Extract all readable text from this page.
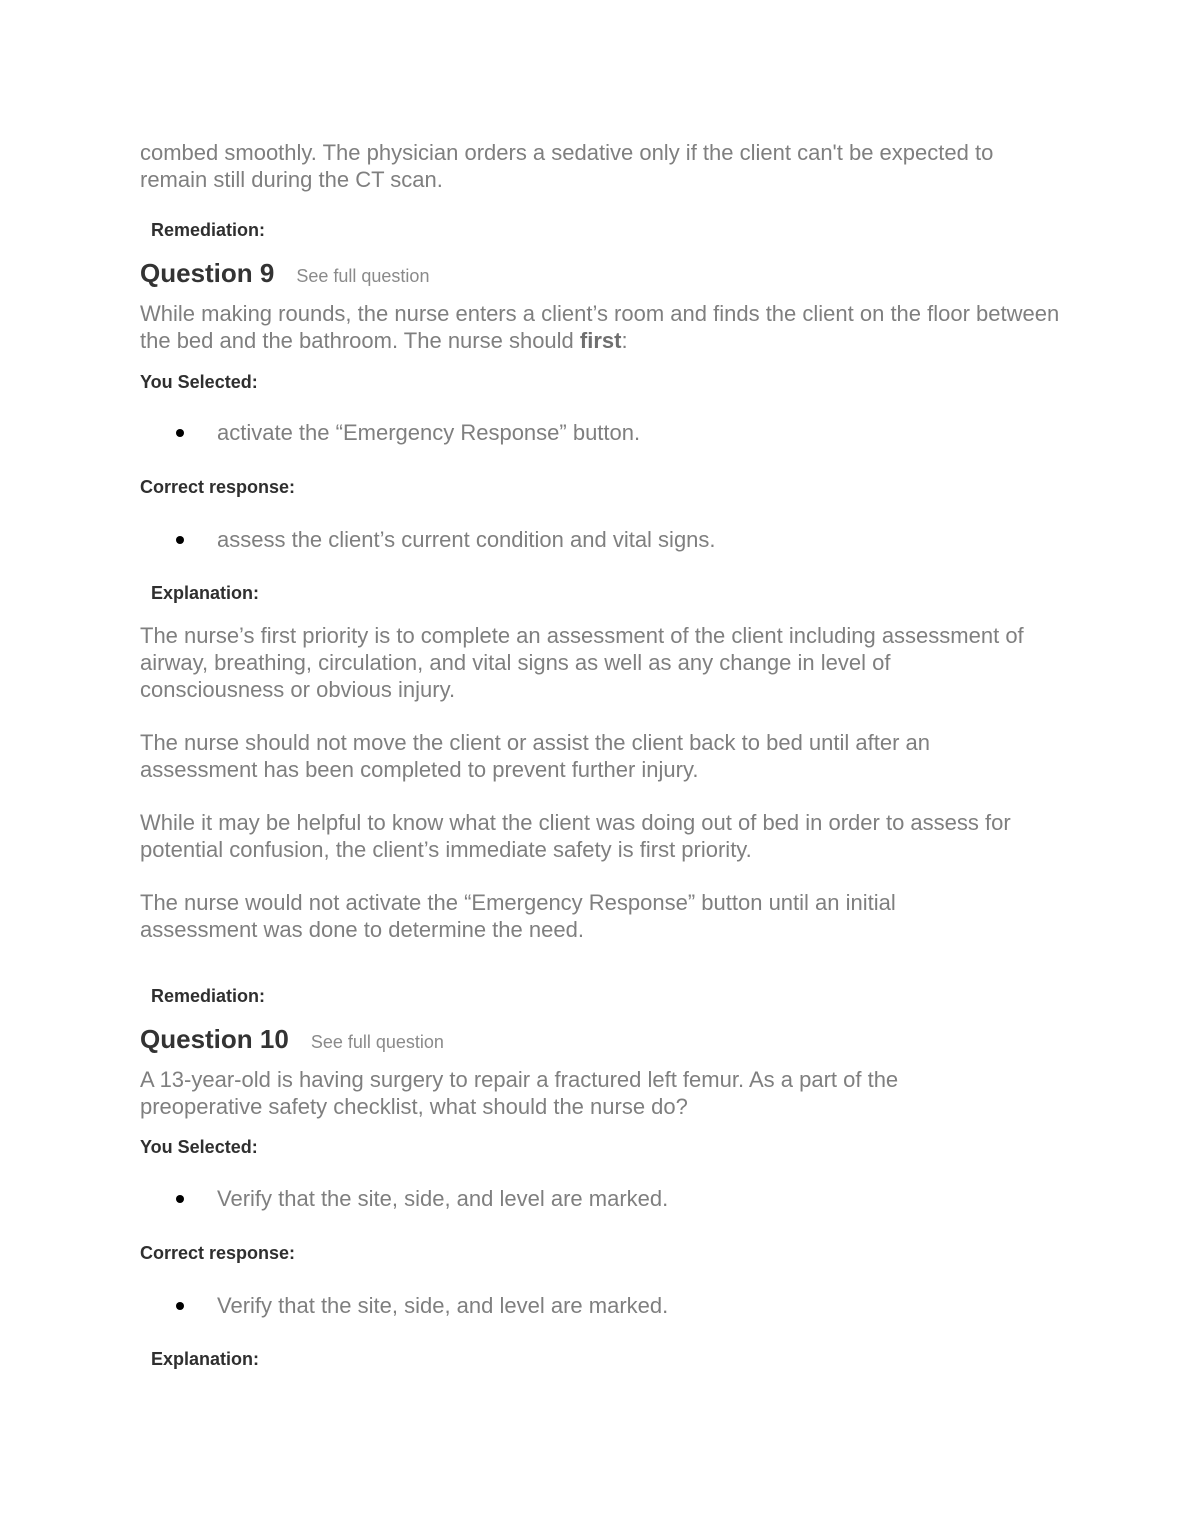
combed smoothly. The physician orders a sedative only if the client can't be expected to remain still during the CT scan.

Remediation:

Question 9 See full question

While making rounds, the nurse enters a client’s room and finds the client on the floor between the bed and the bathroom. The nurse should first:

You Selected:

activate the “Emergency Response” button.

Correct response:

assess the client’s current condition and vital signs.

Explanation:

The nurse’s first priority is to complete an assessment of the client including assessment of airway, breathing, circulation, and vital signs as well as any change in level of consciousness or obvious injury.

The nurse should not move the client or assist the client back to bed until after an assessment has been completed to prevent further injury.

While it may be helpful to know what the client was doing out of bed in order to assess for potential confusion, the client’s immediate safety is first priority.

The nurse would not activate the “Emergency Response” button until an initial assessment was done to determine the need.

Remediation:

Question 10 See full question

A 13-year-old is having surgery to repair a fractured left femur. As a part of the preoperative safety checklist, what should the nurse do?

You Selected:

Verify that the site, side, and level are marked.

Correct response:

Verify that the site, side, and level are marked.

Explanation:
